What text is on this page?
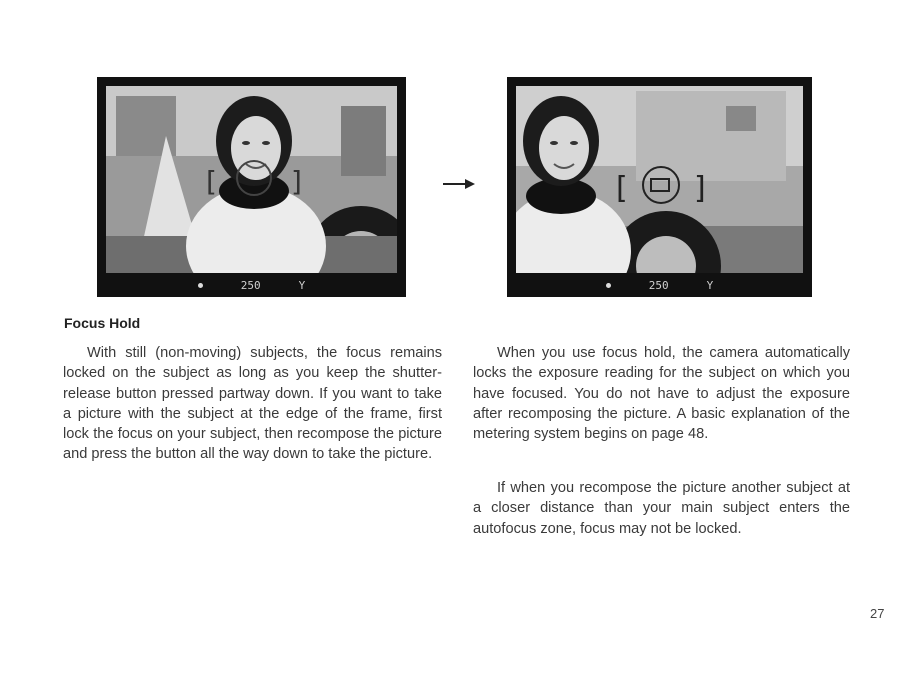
[	]
250	Y
[ ]
250	Y
Focus Hold

With still (non-moving) subjects, the focus remains locked on the subject as long as you keep the shutter-release button pressed partway down. If you want to take a picture with the subject at the edge of the frame, first lock the focus on your subject, then recompose the picture and press the button all the way down to take the picture.

When you use focus hold, the camera automatically locks the exposure reading for the subject on which you have focused. You do not have to adjust the exposure after recomposing the picture. A basic explanation of the metering system begins on page 48.

If when you recompose the picture another subject at a closer distance than your main subject enters the autofocus zone, focus may not be locked.

27
